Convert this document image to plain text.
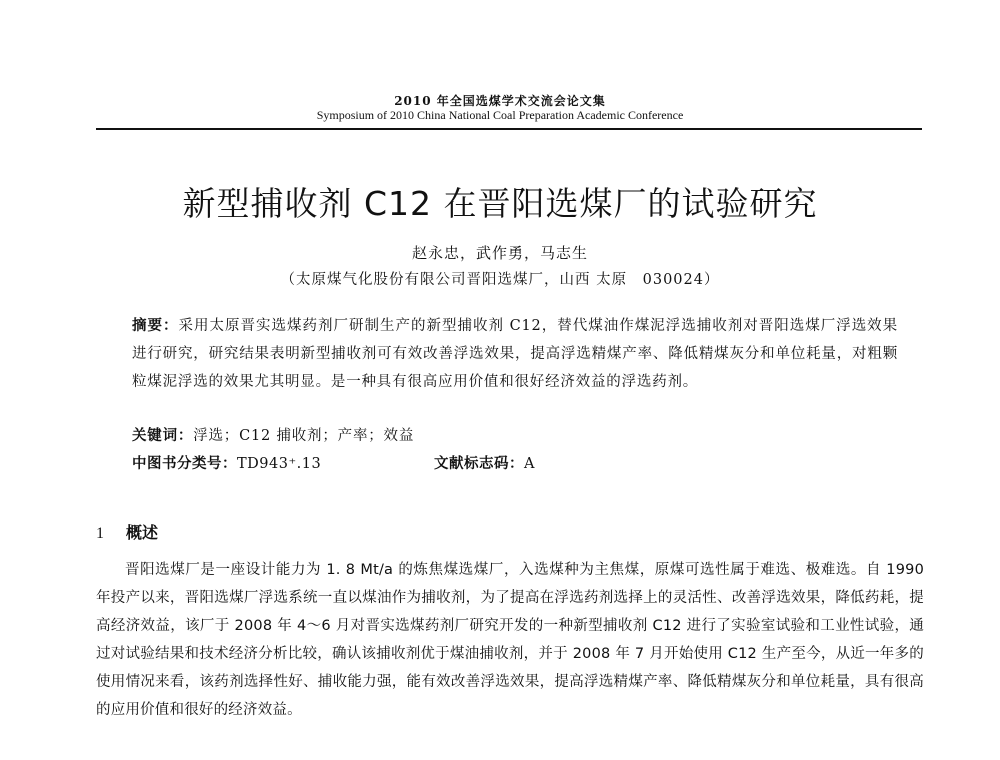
2010 年全国选煤学术交流会论文集
Symposium of 2010 China National Coal Preparation Academic Conference
新型捕收剂 C12 在晋阳选煤厂的试验研究
赵永忠，武作勇，马志生
（太原煤气化股份有限公司晋阳选煤厂，山西 太原　030024）
摘要：采用太原晋实选煤药剂厂研制生产的新型捕收剂 C12，替代煤油作煤泥浮选捕收剂对晋阳选煤厂浮选效果进行研究，研究结果表明新型捕收剂可有效改善浮选效果，提高浮选精煤产率、降低精煤灰分和单位耗量，对粗颗粒煤泥浮选的效果尤其明显。是一种具有很高应用价值和很好经济效益的浮选药剂。
关键词：浮选；C12 捕收剂；产率；效益
中图书分类号：TD943⁺.13	文献标志码：A
1 概述
晋阳选煤厂是一座设计能力为 1. 8 Mt/a 的炼焦煤选煤厂，入选煤种为主焦煤，原煤可选性属于难选、极难选。自 1990 年投产以来，晋阳选煤厂浮选系统一直以煤油作为捕收剂，为了提高在浮选药剂选择上的灵活性、改善浮选效果，降低药耗，提高经济效益，该厂于 2008 年 4～6 月对晋实选煤药剂厂研究开发的一种新型捕收剂 C12 进行了实验室试验和工业性试验，通过对试验结果和技术经济分析比较，确认该捕收剂优于煤油捕收剂，并于 2008 年 7 月开始使用 C12 生产至今，从近一年多的使用情况来看，该药剂选择性好、捕收能力强，能有效改善浮选效果，提高浮选精煤产率、降低精煤灰分和单位耗量，具有很高的应用价值和很好的经济效益。
